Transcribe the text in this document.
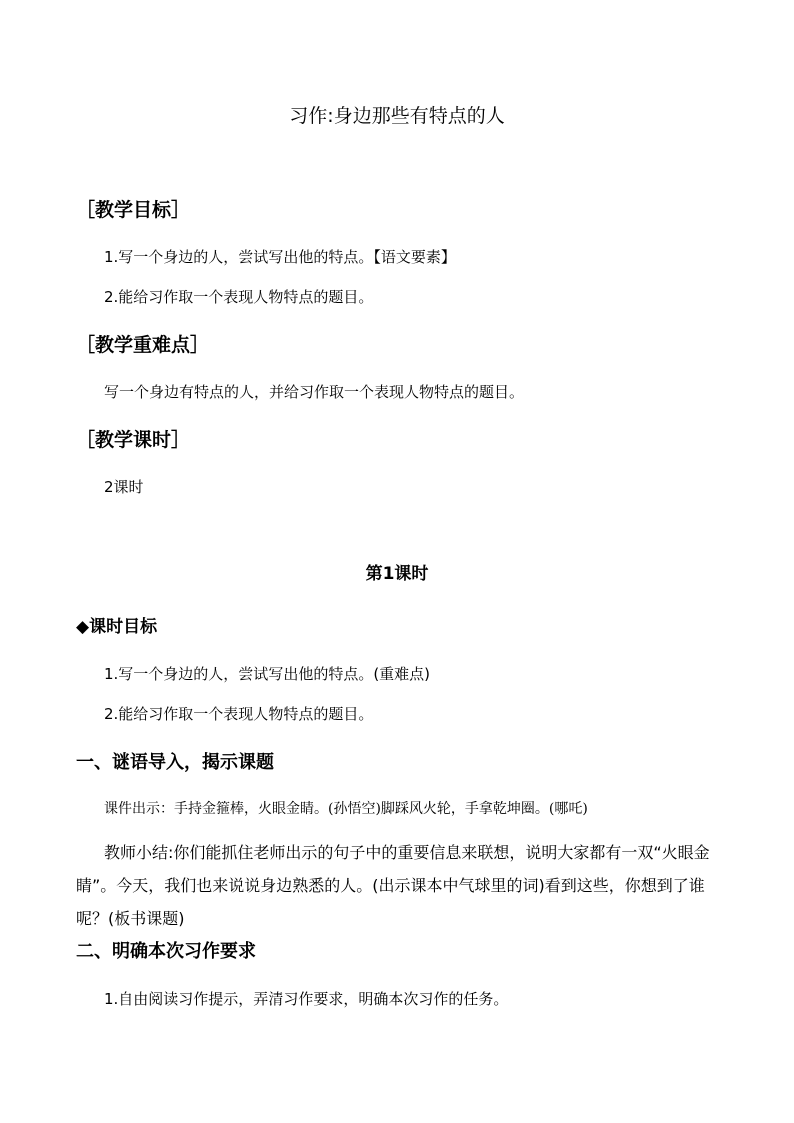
习作:身边那些有特点的人
［教学目标］
1.写一个身边的人，尝试写出他的特点。【语文要素】
2.能给习作取一个表现人物特点的题目。
［教学重难点］
写一个身边有特点的人，并给习作取一个表现人物特点的题目。
［教学课时］
2课时
第1课时
◆课时目标
1.写一个身边的人，尝试写出他的特点。(重难点)
2.能给习作取一个表现人物特点的题目。
一、谜语导入，揭示课题
课件出示：手持金箍棒，火眼金睛。(孙悟空)脚踩风火轮，手拿乾坤圈。(哪吒)
教师小结:你们能抓住老师出示的句子中的重要信息来联想，说明大家都有一双“火眼金睛”。今天，我们也来说说身边熟悉的人。(出示课本中气球里的词)看到这些，你想到了谁呢？(板书课题)
二、明确本次习作要求
1.自由阅读习作提示，弄清习作要求，明确本次习作的任务。
